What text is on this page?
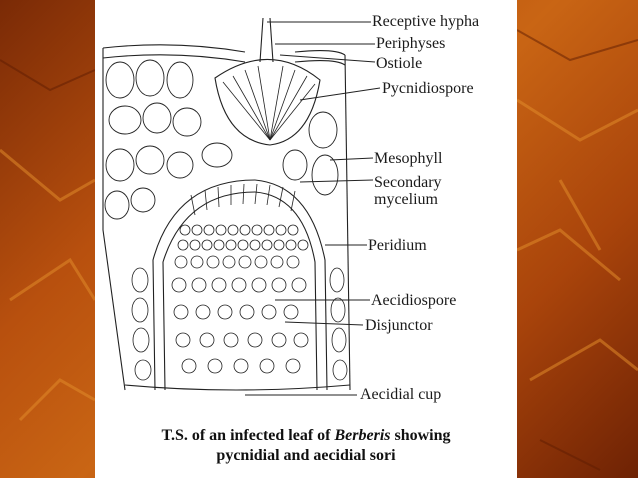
Receptive hypha
Periphyses
Ostiole
Pycnidiospore
Mesophyll
Secondary mycelium
Peridium
Aecidiospore
Disjunctor
Aecidial cup
T.S. of an infected leaf of Berberis showing
pycnidial and aecidial sori
